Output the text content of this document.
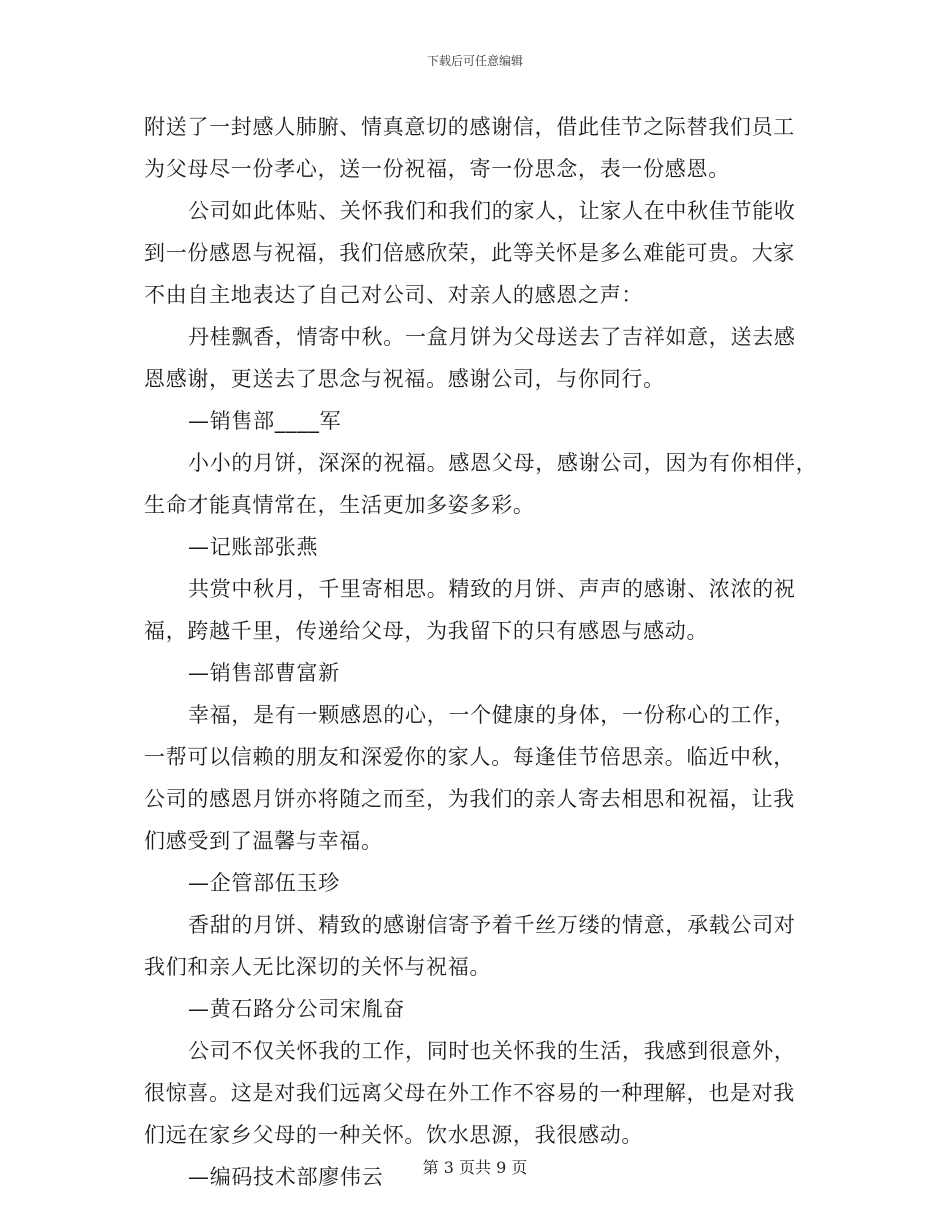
下载后可任意编辑
附送了一封感人肺腑、情真意切的感谢信，借此佳节之际替我们员工
为父母尽一份孝心，送一份祝福，寄一份思念，表一份感恩。
公司如此体贴、关怀我们和我们的家人，让家人在中秋佳节能收
到一份感恩与祝福，我们倍感欣荣，此等关怀是多么难能可贵。大家
不由自主地表达了自己对公司、对亲人的感恩之声：
丹桂飘香，情寄中秋。一盒月饼为父母送去了吉祥如意，送去感
恩感谢，更送去了思念与祝福。感谢公司，与你同行。
—销售部____军
小小的月饼，深深的祝福。感恩父母，感谢公司，因为有你相伴，
生命才能真情常在，生活更加多姿多彩。
—记账部张燕
共赏中秋月，千里寄相思。精致的月饼、声声的感谢、浓浓的祝
福，跨越千里，传递给父母，为我留下的只有感恩与感动。
—销售部曹富新
幸福，是有一颗感恩的心，一个健康的身体，一份称心的工作，
一帮可以信赖的朋友和深爱你的家人。每逢佳节倍思亲。临近中秋，
公司的感恩月饼亦将随之而至，为我们的亲人寄去相思和祝福，让我
们感受到了温馨与幸福。
—企管部伍玉珍
香甜的月饼、精致的感谢信寄予着千丝万缕的情意，承载公司对
我们和亲人无比深切的关怀与祝福。
—黄石路分公司宋胤奋
公司不仅关怀我的工作，同时也关怀我的生活，我感到很意外，
很惊喜。这是对我们远离父母在外工作不容易的一种理解，也是对我
们远在家乡父母的一种关怀。饮水思源，我很感动。
—编码技术部廖伟云	第 3 页共 9 页
